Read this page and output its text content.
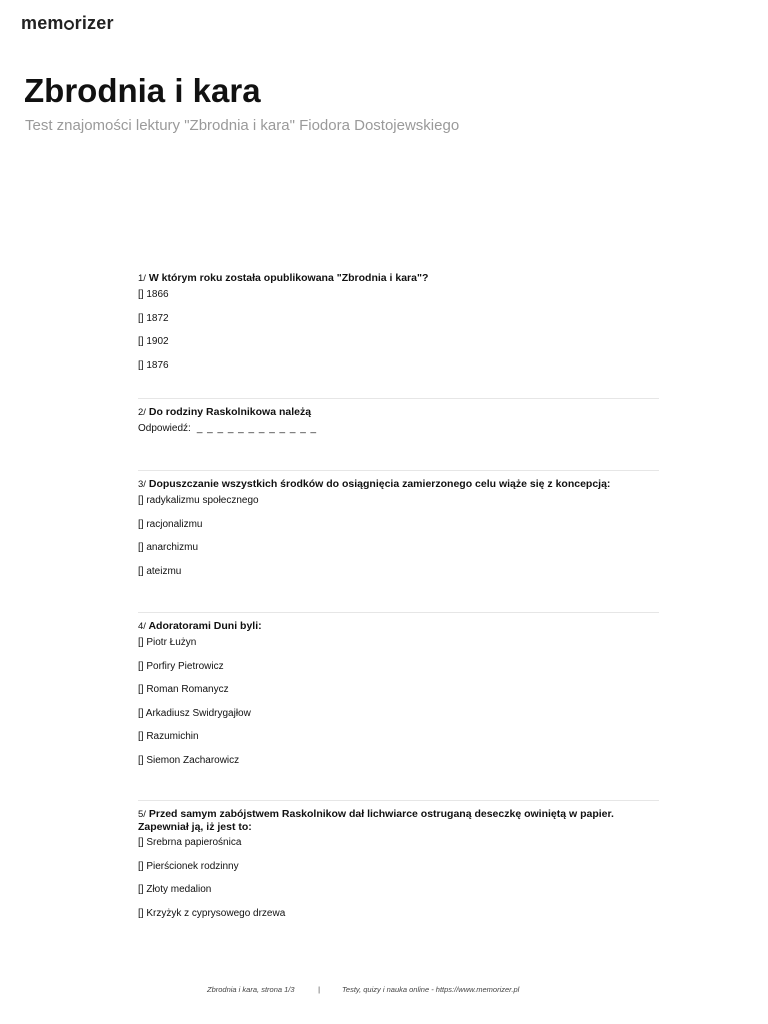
mem rizer
Zbrodnia i kara
Test znajomości lektury "Zbrodnia i kara" Fiodora Dostojewskiego
1/ W którym roku została opublikowana "Zbrodnia i kara"?
[] 1866
[] 1872
[] 1902
[] 1876
2/ Do rodziny Raskolnikowa należą
Odpowiedź: _ _ _ _ _ _ _ _ _ _ _ _
3/ Dopuszczanie wszystkich środków do osiągnięcia zamierzonego celu wiąże się z koncepcją:
[] radykalizmu społecznego
[] racjonalizmu
[] anarchizmu
[] ateizmu
4/ Adoratorami Duni byli:
[] Piotr Łużyn
[] Porfiry Pietrowicz
[] Roman Romanycz
[] Arkadiusz Swidrygajłow
[] Razumichin
[] Siemon Zacharowicz
5/ Przed samym zabójstwem Raskolnikow dał lichwiarce ostruganą deseczkę owiniętą w papier. Zapewniał ją, iż jest to:
[] Srebrna papierośnica
[] Pierścionek rodzinny
[] Złoty medalion
[] Krzyżyk z cyprysowego drzewa
Zbrodnia i kara, strona 1/3	|	Testy, quizy i nauka online - https://www.memorizer.pl
